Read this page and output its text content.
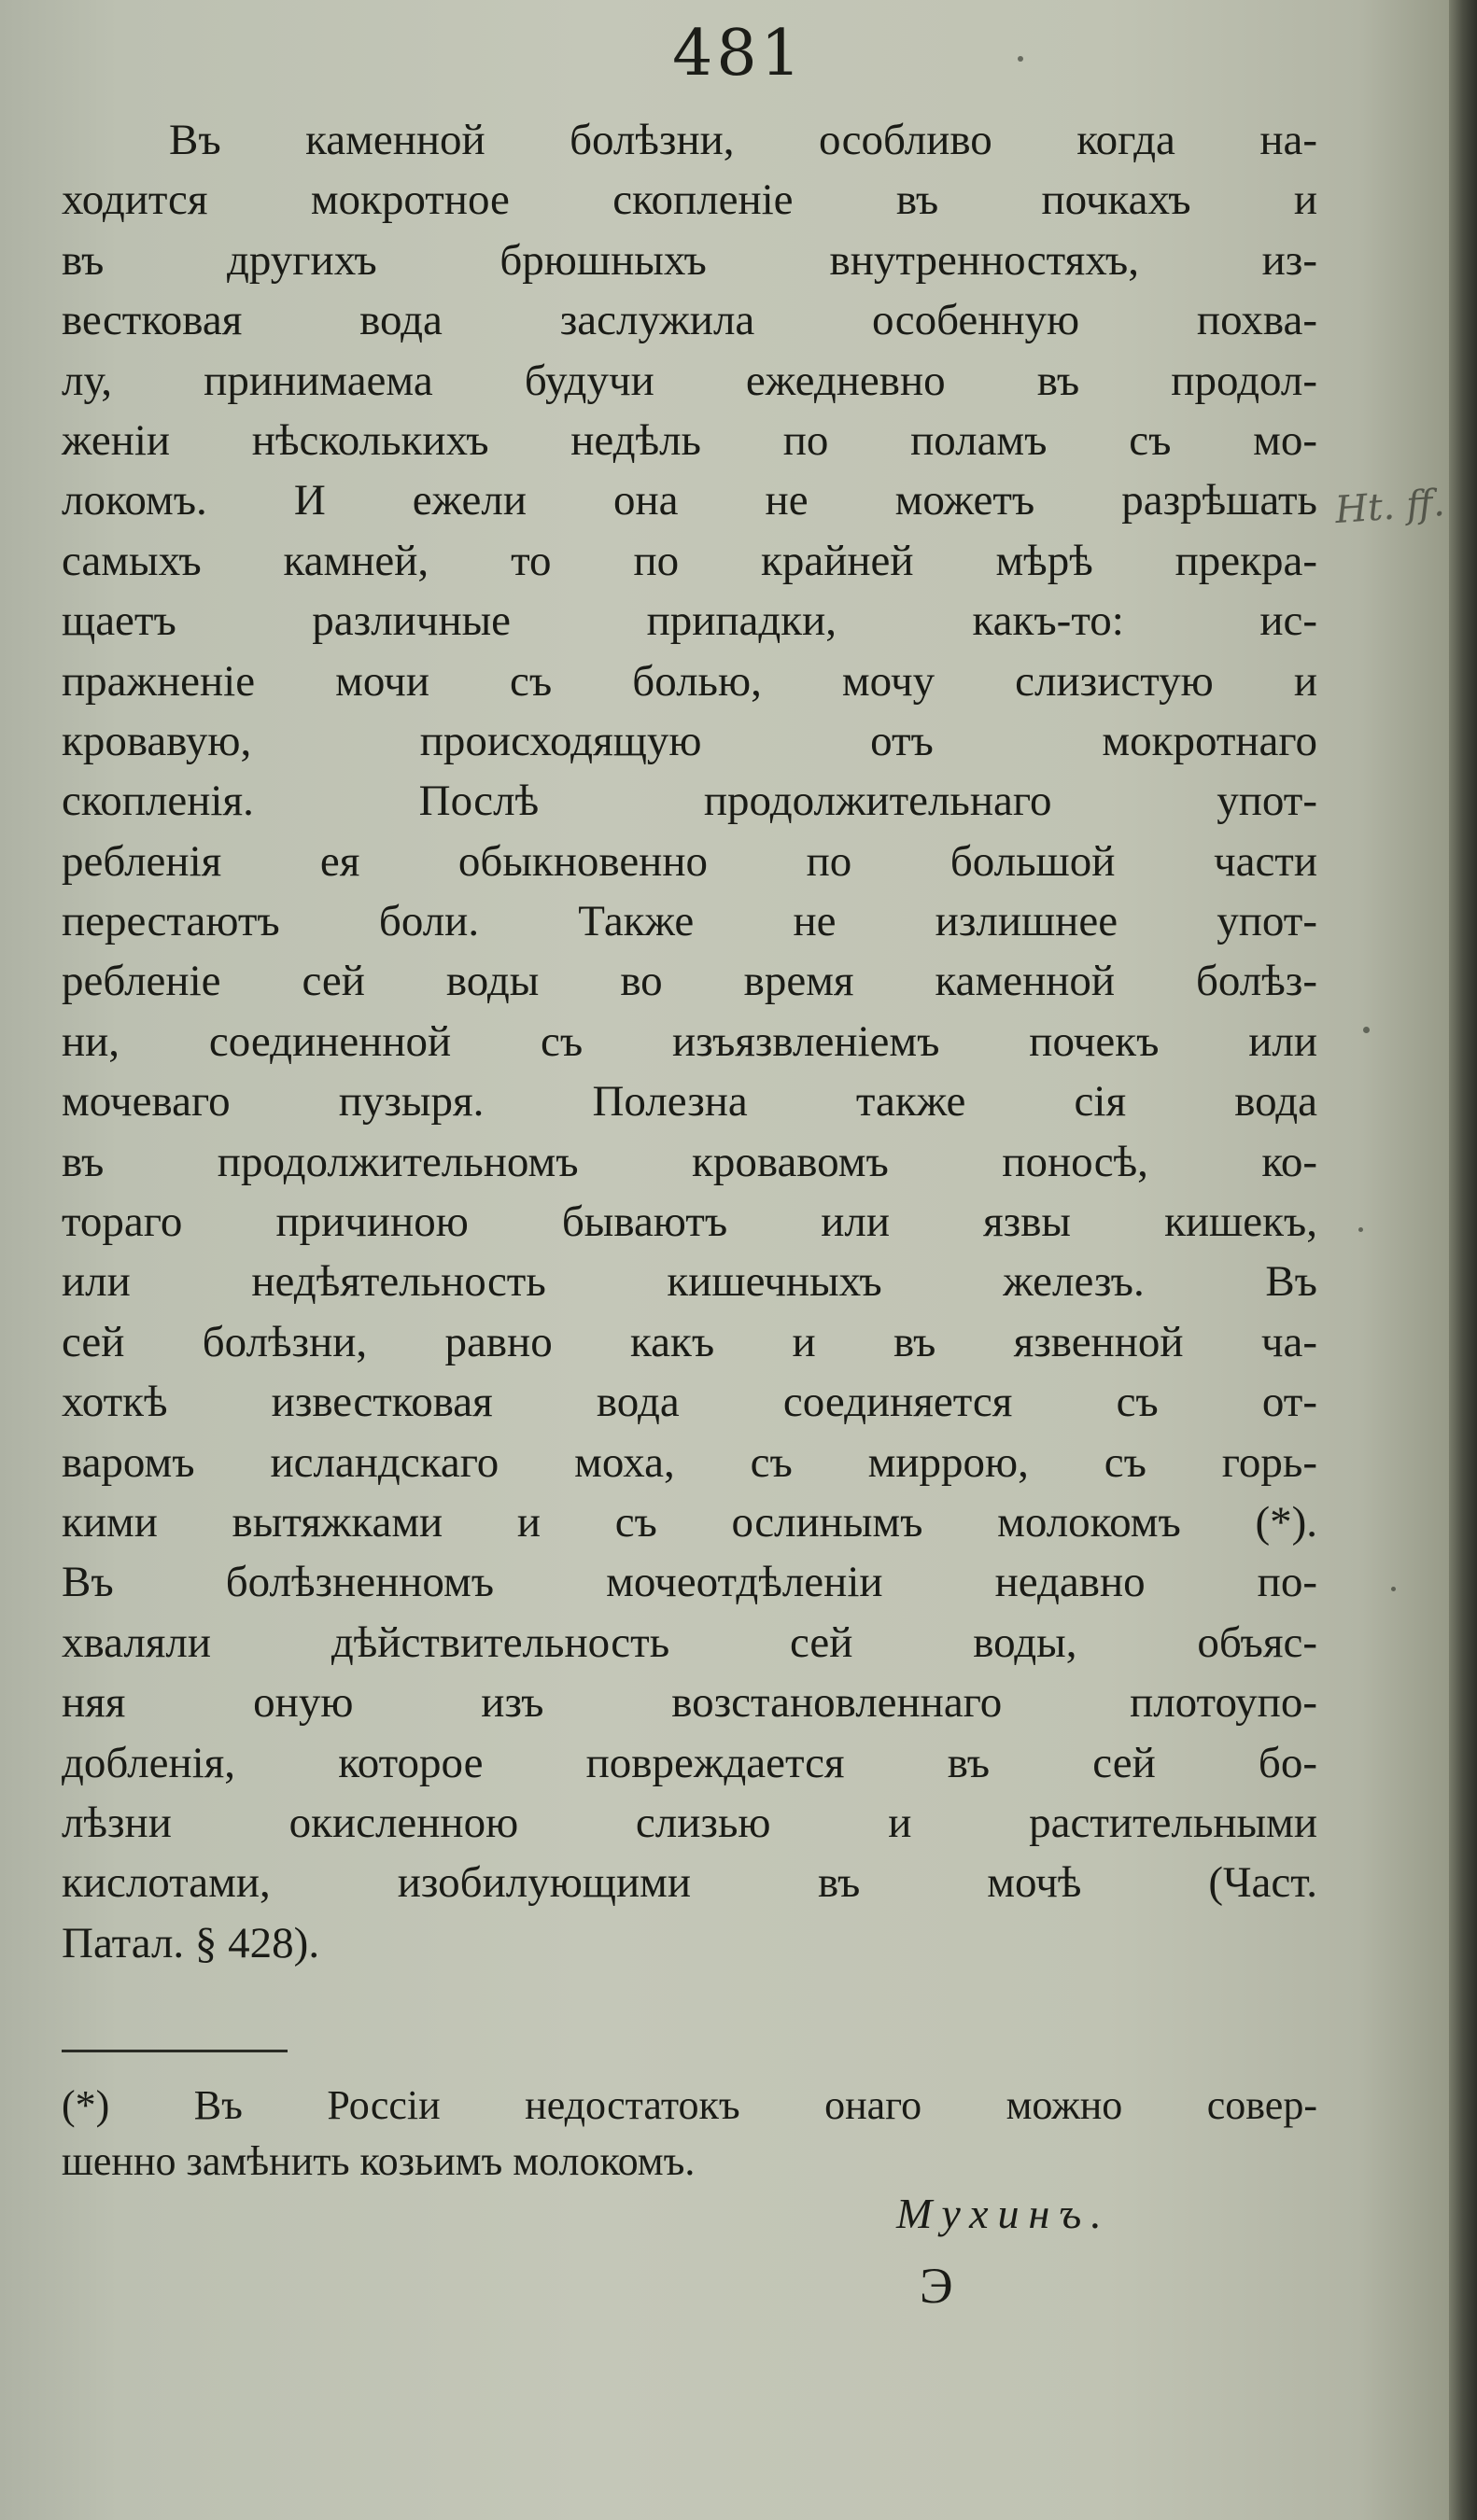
481
Въ каменной болѣзни, особливо когда на-
ходится мокротное скопленіе въ почкахъ и
въ другихъ брюшныхъ внутренностяхъ, из-
вестковая вода заслужила особенную похва-
лу, принимаема будучи ежедневно въ продол-
женіи нѣсколькихъ недѣль по поламъ съ мо-
локомъ. И ежели она не можетъ разрѣшать
самыхъ камней, то по крайней мѣрѣ прекра-
щаетъ различные припадки, какъ-то: ис-
пражненіе мочи съ болью, мочу слизистую и
кровавую, происходящую отъ мокротнаго
скопленія. Послѣ продолжительнаго упот-
ребленія ея обыкновенно по большой части
перестаютъ боли. Также не излишнее упот-
ребленіе сей воды во время каменной болѣз-
ни, соединенной съ изъязвленіемъ почекъ или
мочеваго пузыря. Полезна также сія вода
въ продолжительномъ кровавомъ поносѣ, ко-
тораго причиною бываютъ или язвы кишекъ,
или недѣятельность кишечныхъ железъ. Въ
сей болѣзни, равно какъ и въ язвенной ча-
хоткѣ известковая вода соединяется съ от-
варомъ исландскаго моха, съ миррою, съ горь-
кими вытяжками и съ ослинымъ молокомъ (*).
Въ болѣзненномъ мочеотдѣленіи недавно по-
хваляли дѣйствительность сей воды, объяс-
няя оную изъ возстановленнаго плотоупо-
добленія, которое повреждается въ сей бо-
лѣзни окисленною слизью и растительными
кислотами, изобилующими въ мочѣ (Част.
Патал. § 428).
(*) Въ Россіи недостатокъ онаго можно совер-
шенно замѣнить козьимъ молокомъ.
Мухинъ.
Э
Ht. ff.
